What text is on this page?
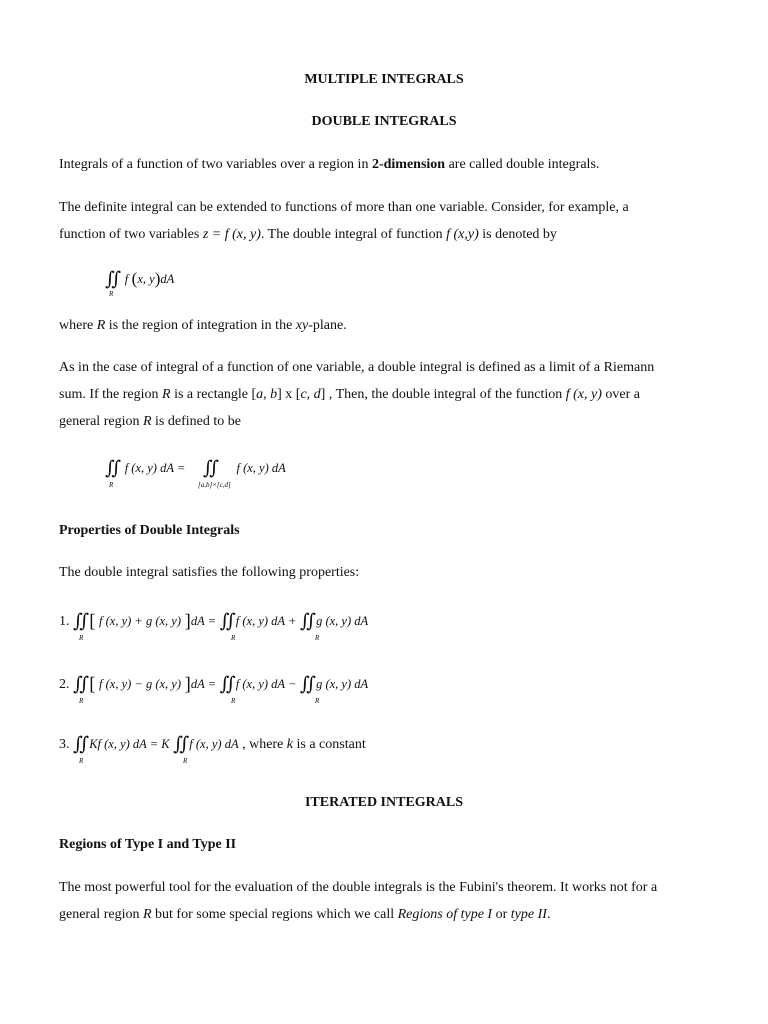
MULTIPLE INTEGRALS
DOUBLE INTEGRALS
Integrals of a function of two variables over a region in 2-dimension are called double integrals.
The definite integral can be extended to functions of more than one variable. Consider, for example, a
function of two variables z = f (x, y). The double integral of function f (x,y) is denoted by
∬ f (x, y)dA
R
where R is the region of integration in the xy-plane.
As in the case of integral of a function of one variable, a double integral is defined as a limit of a Riemann
sum. If the region R is a rectangle [a, b] x [c, d] , Then, the double integral of the function f (x, y) over a
general region R is defined to be
∬ f (x, y) dA = ∬ f (x, y) dA
R	[a,b]×[c,d]
Properties of Double Integrals
The double integral satisfies the following properties:
1. ∬ [ f (x, y) + g (x, y) ]dA = ∬ f (x, y) dA + ∬ g (x, y) dA
R	R	R
2. ∬ [ f (x, y) − g (x, y) ]dA = ∬ f (x, y) dA − ∬ g (x, y) dA
R	R	R
3. ∬ Kf (x, y) dA = K ∬ f (x, y) dA , where k is a constant
R	R
ITERATED INTEGRALS
Regions of Type I and Type II
The most powerful tool for the evaluation of the double integrals is the Fubini's theorem. It works not for a
general region R but for some special regions which we call Regions of type I or type II.
